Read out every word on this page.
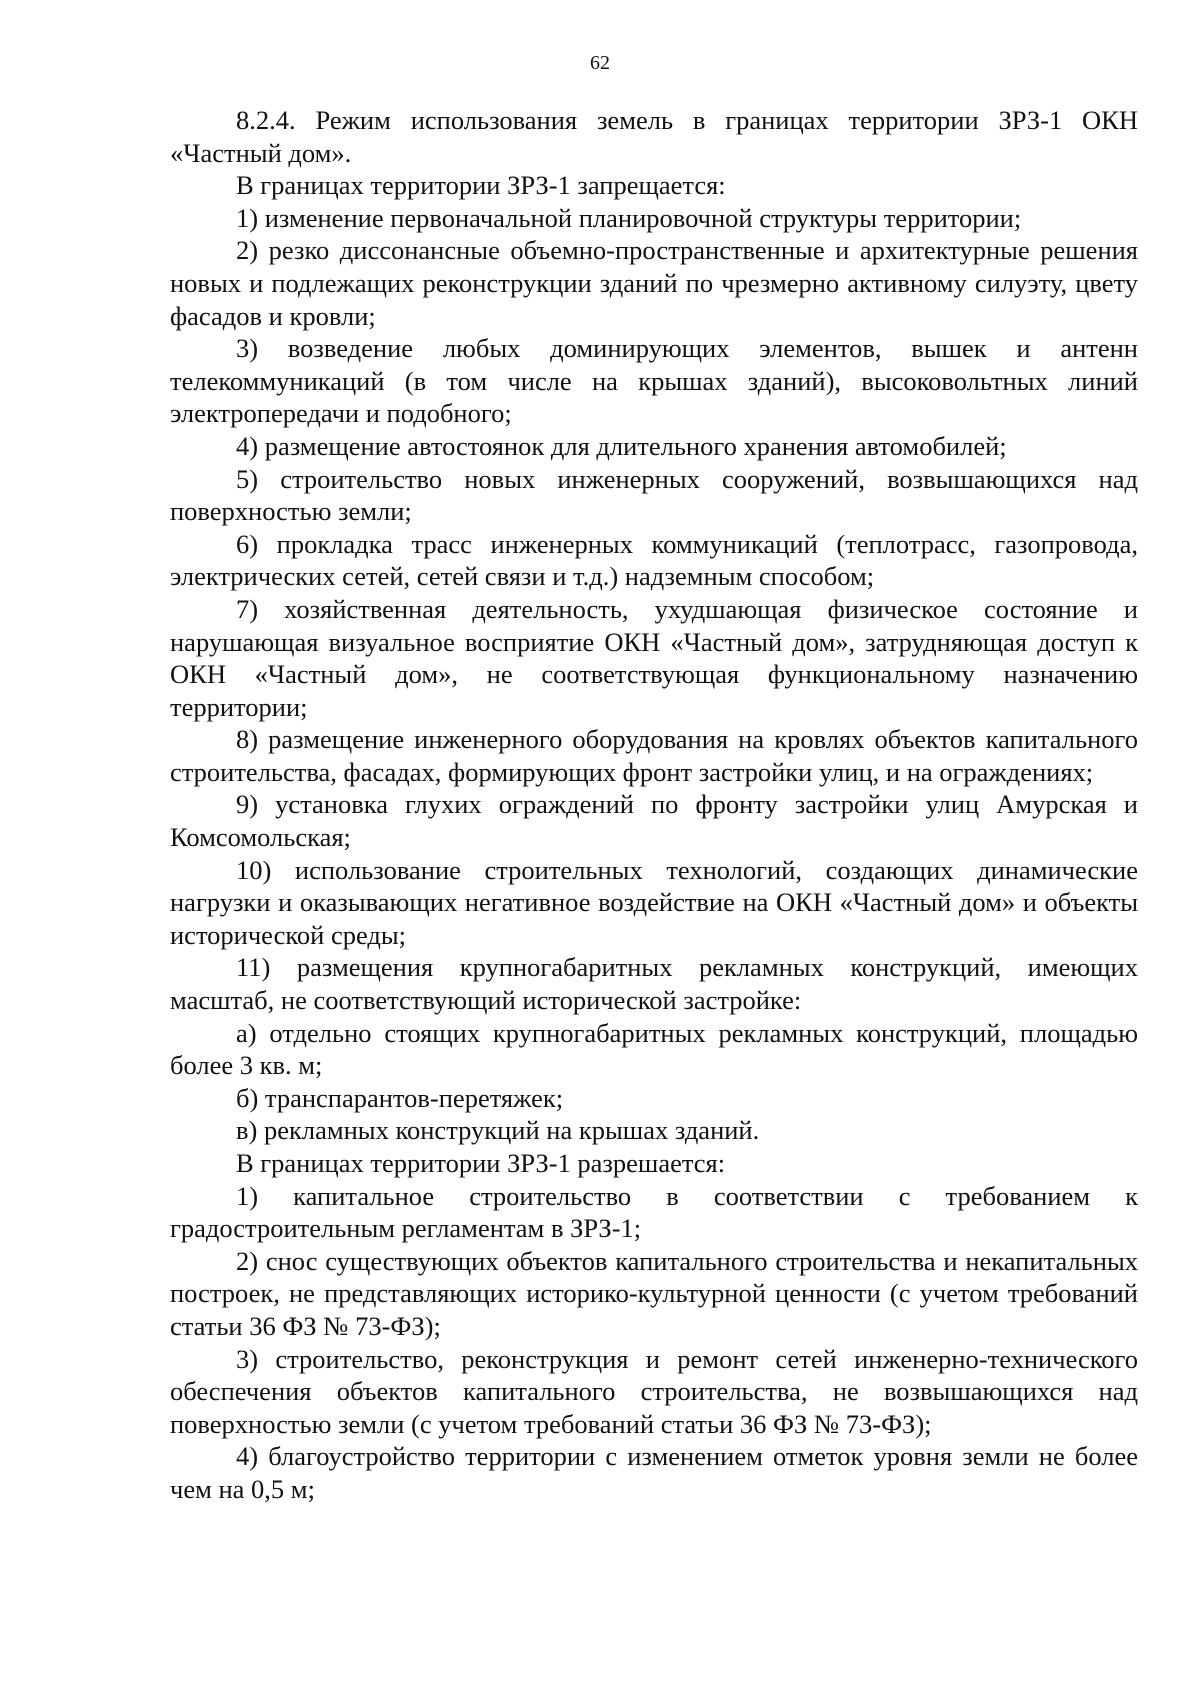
62

8.2.4. Режим использования земель в границах территории ЗРЗ-1 ОКН «Частный дом».

В границах территории ЗРЗ-1 запрещается:

1) изменение первоначальной планировочной структуры территории;

2) резко диссонансные объемно-пространственные и архитектурные решения новых и подлежащих реконструкции зданий по чрезмерно активному силуэту, цвету фасадов и кровли;

3) возведение любых доминирующих элементов, вышек и антенн телекоммуникаций (в том числе на крышах зданий), высоковольтных линий электропередачи и подобного;

4) размещение автостоянок для длительного хранения автомобилей;

5) строительство новых инженерных сооружений, возвышающихся над поверхностью земли;

6) прокладка трасс инженерных коммуникаций (теплотрасс, газопровода, электрических сетей, сетей связи и т.д.) надземным способом;

7) хозяйственная деятельность, ухудшающая физическое состояние и нарушающая визуальное восприятие ОКН «Частный дом», затрудняющая доступ к ОКН «Частный дом», не соответствующая функциональному назначению территории;

8) размещение инженерного оборудования на кровлях объектов капитального строительства, фасадах, формирующих фронт застройки улиц, и на ограждениях;

9) установка глухих ограждений по фронту застройки улиц Амурская и Комсомольская;

10) использование строительных технологий, создающих динамические нагрузки и оказывающих негативное воздействие на ОКН «Частный дом» и объекты исторической среды;

11) размещения крупногабаритных рекламных конструкций, имеющих масштаб, не соответствующий исторической застройке:

а) отдельно стоящих крупногабаритных рекламных конструкций, площадью более 3 кв. м;

б) транспарантов-перетяжек;

в) рекламных конструкций на крышах зданий.

В границах территории ЗРЗ-1 разрешается:

1) капитальное строительство в соответствии с требованием к градостроительным регламентам в ЗРЗ-1;

2) снос существующих объектов капитального строительства и некапитальных построек, не представляющих историко-культурной ценности (с учетом требований статьи 36 ФЗ № 73-ФЗ);

3) строительство, реконструкция и ремонт сетей инженерно-технического обеспечения объектов капитального строительства, не возвышающихся над поверхностью земли (с учетом требований статьи 36 ФЗ № 73-ФЗ);

4) благоустройство территории с изменением отметок уровня земли не более чем на 0,5 м;
